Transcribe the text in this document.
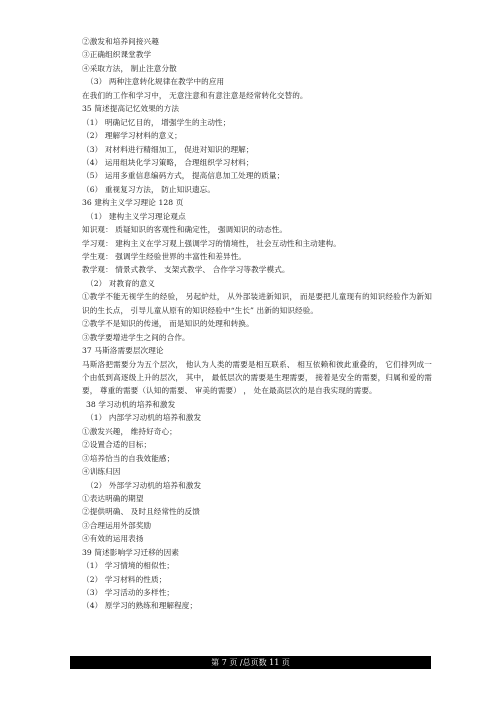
②激发和培养间接兴趣
③正确组织课堂教学
④采取方法， 制止注意分散
（3） 两种注意转化规律在教学中的应用
在我们的工作和学习中， 无意注意和有意注意是经常转化交替的。
35 简述提高记忆效果的方法
（1） 明确记忆目的， 增强学生的主动性；
（2） 理解学习材料的意义；
（3） 对材料进行精细加工， 促进对知识的理解；
（4） 运用组块化学习策略， 合理组织学习材料；
（5） 运用多重信息编码方式， 提高信息加工处理的质量；
（6） 重视复习方法， 防止知识遗忘。
36 建构主义学习理论 128 页
（1） 建构主义学习理论观点
知识观： 质疑知识的客观性和确定性， 强调知识的动态性。
学习观： 建构主义在学习观上强调学习的情境性， 社会互动性和主动建构。
学生观： 强调学生经验世界的丰富性和差异性。
教学观： 情景式教学、 支架式教学、 合作学习等教学模式。
（2） 对教育的意义
①教学不能无视学生的经验， 另起炉灶， 从外部装进新知识， 而是要把儿童现有的知识经验作为新知识的生长点， 引导儿童从原有的知识经验中“生长” 出新的知识经验。
②教学不是知识的传递， 而是知识的处理和转换。
③教学要增进学生之间的合作。
37 马斯洛需要层次理论
马斯洛把需要分为五个层次， 他认为人类的需要是相互联系、 相互依赖和彼此重叠的， 它们排列成一个由低到高逐级上升的层次， 其中， 最低层次的需要是生理需要， 接着是安全的需要，归属和爱的需要， 尊重的需要（认知的需要、 审美的需要） ， 处在最高层次的是自我实现的需要。
38 学习动机的培养和激发
（1） 内部学习动机的培养和激发
①激发兴趣， 维持好奇心；
②设置合适的目标；
③培养恰当的自我效能感；
④训练归因
（2） 外部学习动机的培养和激发
①表达明确的期望
②提供明确、 及时且经常性的反馈
③合理运用外部奖励
④有效的运用表扬
39 简述影响学习迁移的因素
（1） 学习情境的相似性；
（2） 学习材料的性质；
（3） 学习活动的多样性；
（4） 原学习的熟练和理解程度；
第 7 页 /总页数 11 页
